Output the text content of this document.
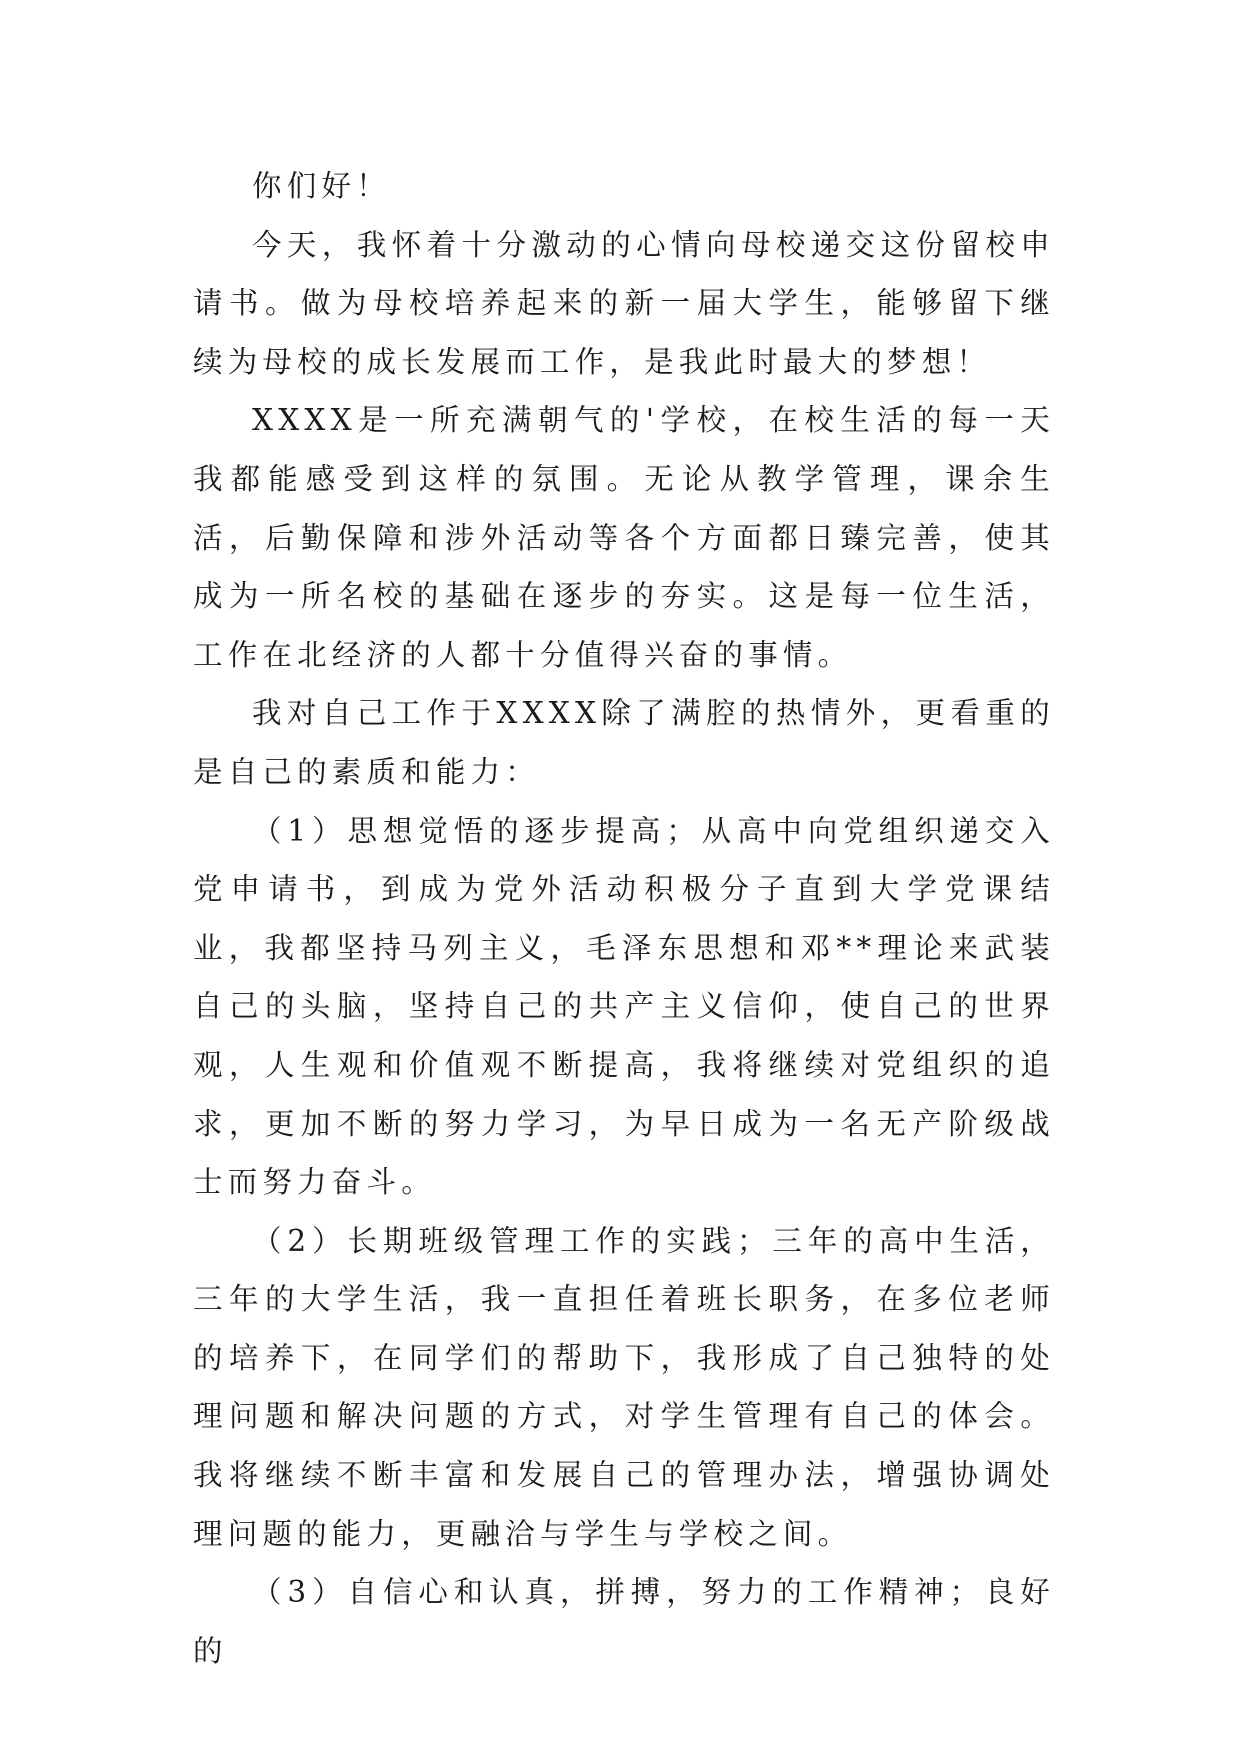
你们好！

今天，我怀着十分激动的心情向母校递交这份留校申请书。做为母校培养起来的新一届大学生，能够留下继续为母校的成长发展而工作，是我此时最大的梦想！

XXXX是一所充满朝气的'学校，在校生活的每一天我都能感受到这样的氛围。无论从教学管理，课余生活，后勤保障和涉外活动等各个方面都日臻完善，使其成为一所名校的基础在逐步的夯实。这是每一位生活，工作在北经济的人都十分值得兴奋的事情。

我对自己工作于XXXX除了满腔的热情外，更看重的是自己的素质和能力：

（1）思想觉悟的逐步提高；从高中向党组织递交入党申请书，到成为党外活动积极分子直到大学党课结业，我都坚持马列主义，毛泽东思想和邓**理论来武装自己的头脑，坚持自己的共产主义信仰，使自己的世界观，人生观和价值观不断提高，我将继续对党组织的追求，更加不断的努力学习，为早日成为一名无产阶级战士而努力奋斗。

（2）长期班级管理工作的实践；三年的高中生活，三年的大学生活，我一直担任着班长职务，在多位老师的培养下，在同学们的帮助下，我形成了自己独特的处理问题和解决问题的方式，对学生管理有自己的体会。我将继续不断丰富和发展自己的管理办法，增强协调处理问题的能力，更融洽与学生与学校之间。

（3）自信心和认真，拼搏，努力的工作精神；良好的
